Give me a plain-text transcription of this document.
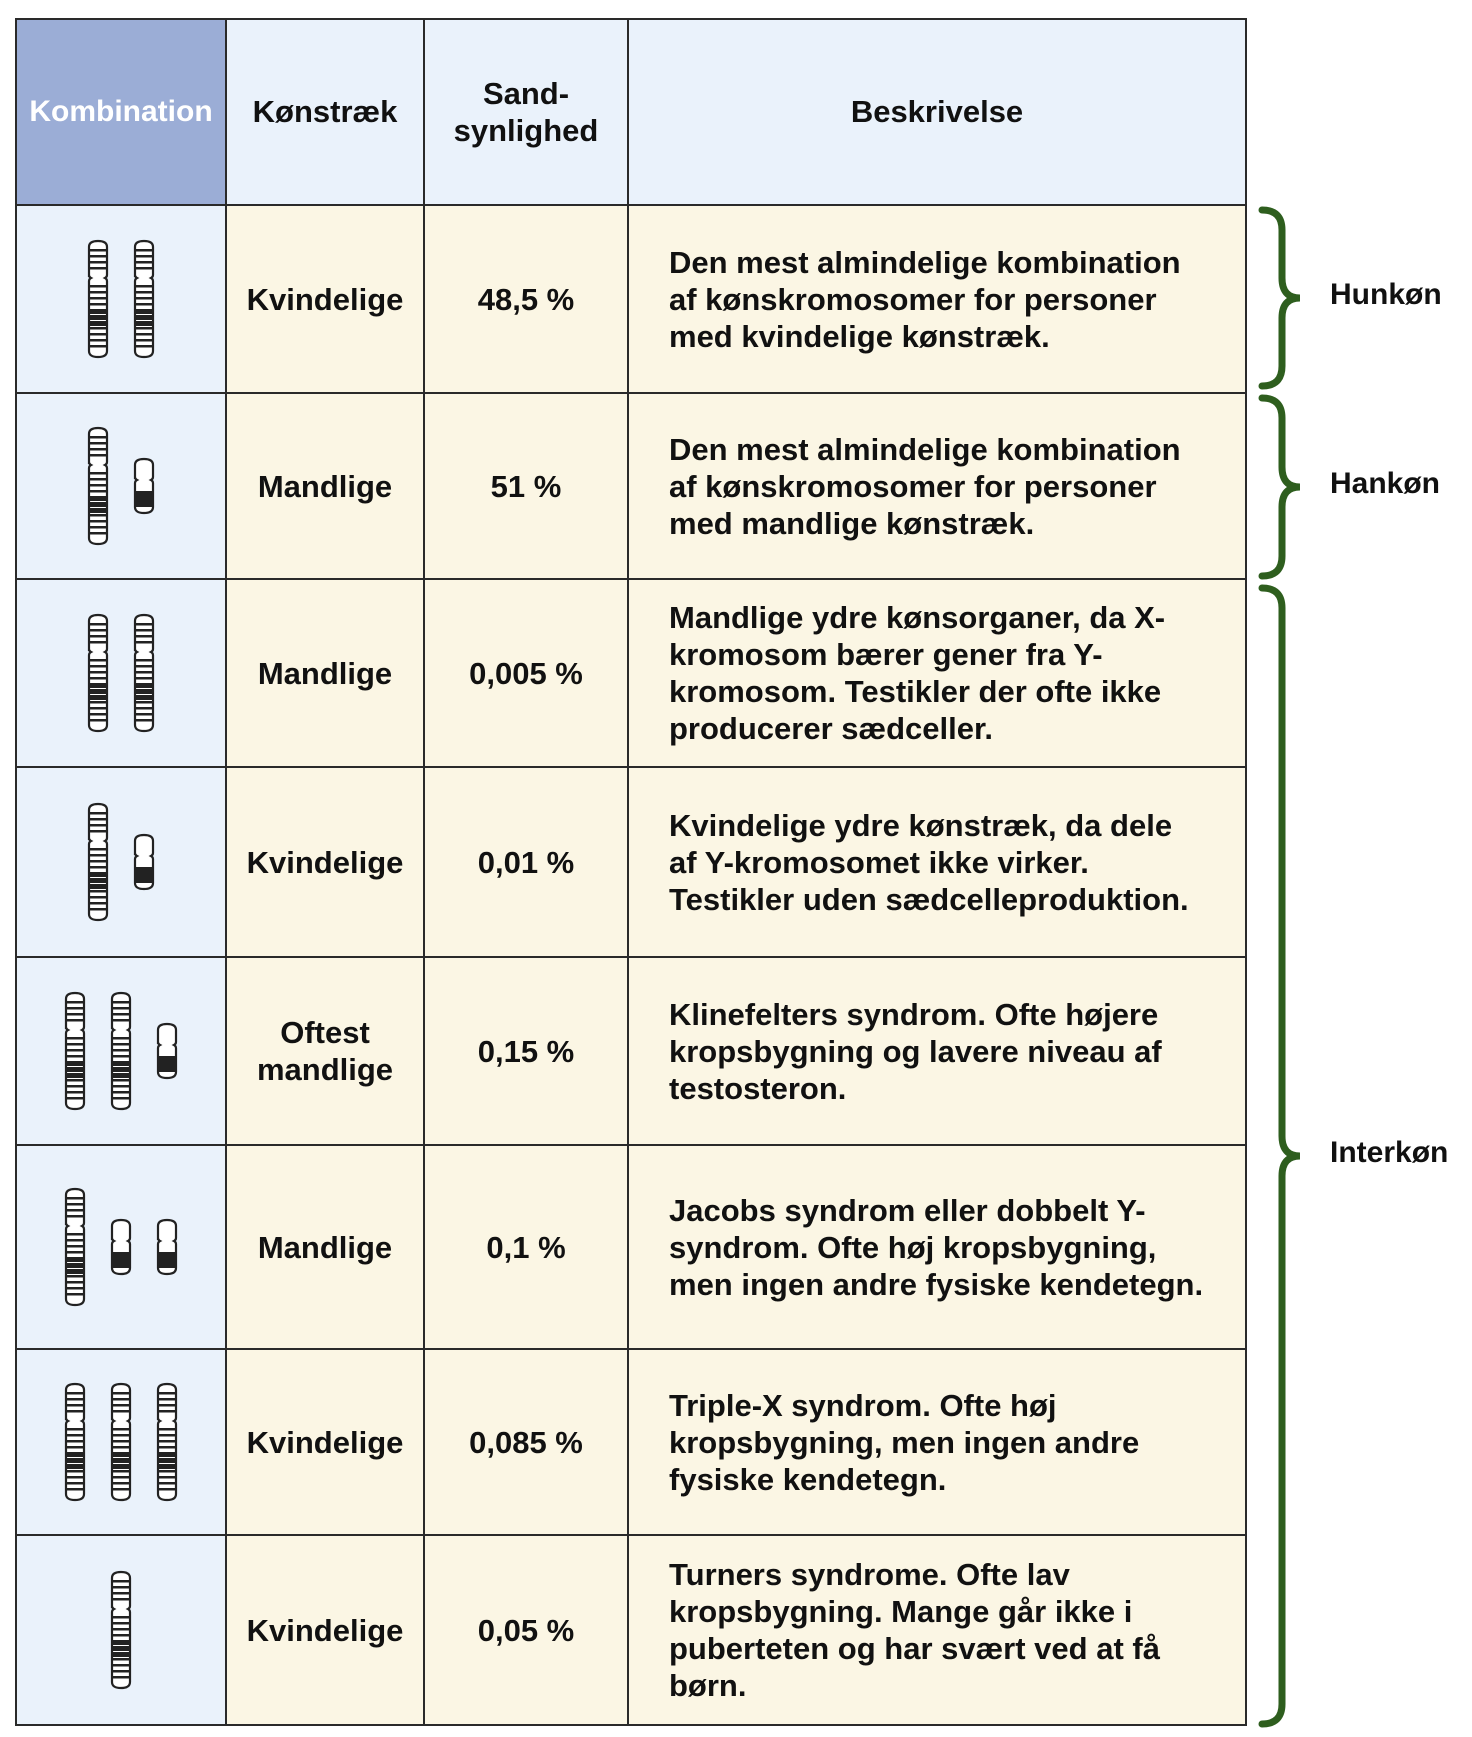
Kombination	Kønstræk	Sand-
synlighed	Beskrivelse

	Kvindelige	48,5 %	Den mest almindelige kombination
af kønskromosomer for personer
med kvindelige kønstræk.

	Mandlige	51 %	Den mest almindelige kombination
af kønskromosomer for personer
med mandlige kønstræk.

	Mandlige	0,005 %	Mandlige ydre kønsorganer, da X-
kromosom bærer gener fra Y-
kromosom. Testikler der ofte ikke
producerer sædceller.

	Kvindelige	0,01 %	Kvindelige ydre kønstræk, da dele
af Y-kromosomet ikke virker.
Testikler uden sædcelleproduktion.

	Oftest
mandlige	0,15 %	Klinefelters syndrom. Ofte højere
kropsbygning og lavere niveau af
testosteron.

	Mandlige	0,1 %	Jacobs syndrom eller dobbelt Y-
syndrom. Ofte høj kropsbygning,
men ingen andre fysiske kendetegn.

	Kvindelige	0,085 %	Triple-X syndrom. Ofte høj
kropsbygning, men ingen andre
fysiske kendetegn.

	Kvindelige	0,05 %	Turners syndrome. Ofte lav
kropsbygning. Mange går ikke i
puberteten og har svært ved at få
børn.
Hunkøn
Hankøn
Interkøn
